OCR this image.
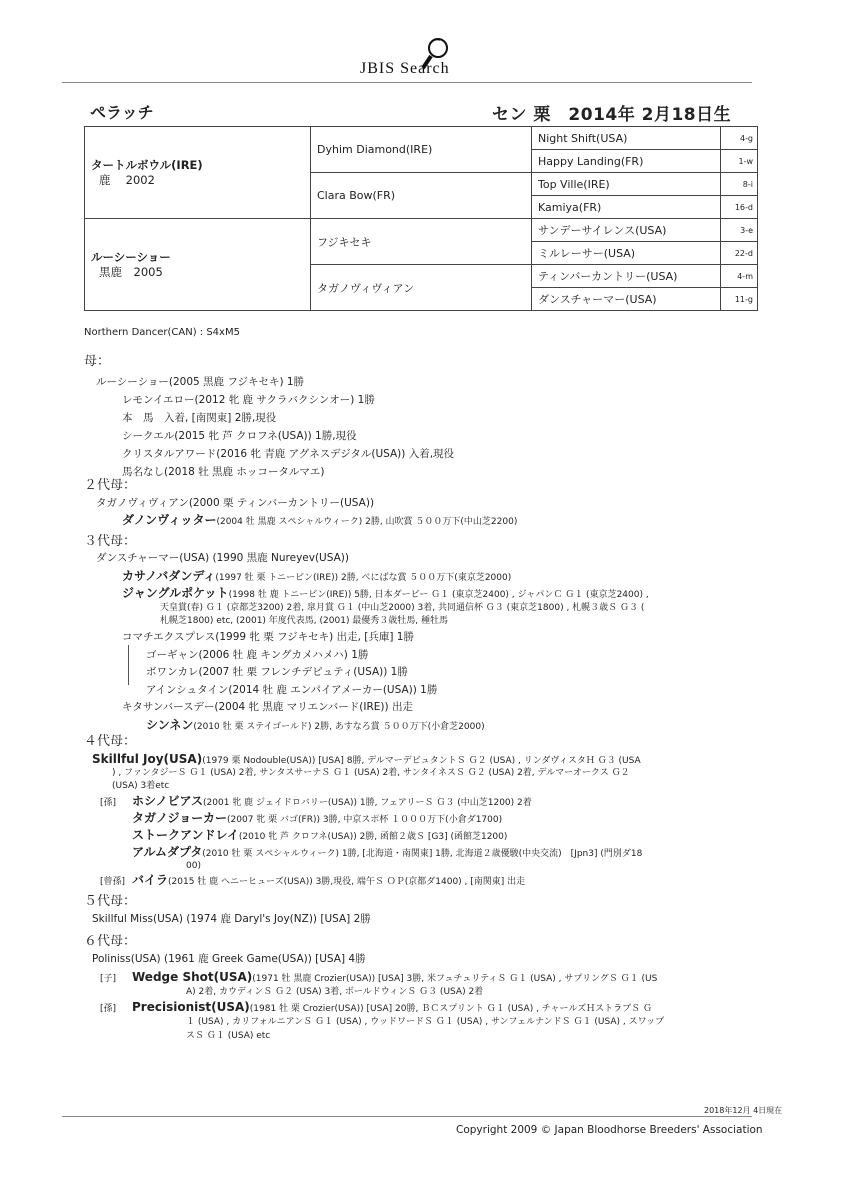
JBIS Search
ペラッチ	セン 栗　2014年 2月18日生
タートルボウル(IRE)
鹿　 2002	Dyhim Diamond(IRE)	Night Shift(USA)	4-g
		Happy Landing(FR)	1-w
	Clara Bow(FR)	Top Ville(IRE)	8-i
		Kamiya(FR)	16-d

ルーシーショー
黒鹿　2005	フジキセキ	サンデーサイレンス(USA)	3-e
		ミルレーサー(USA)	22-d
	タガノヴィヴィアン	ティンバーカントリー(USA)	4-m
		ダンスチャーマー(USA)	11-g
Northern Dancer(CAN) : S4xM5
母：
ルーシーショー(2005 黒鹿 フジキセキ) 1勝
レモンイエロー(2012 牝 鹿 サクラバクシンオー) 1勝
本　馬　入着, [南関東] 2勝,現役
シークエル(2015 牝 芦 クロフネ(USA)) 1勝,現役
クリスタルアワード(2016 牝 青鹿 アグネスデジタル(USA)) 入着,現役
馬名なし(2018 牡 黒鹿 ホッコータルマエ)
２代母：
タガノヴィヴィアン(2000 栗 ティンバーカントリー(USA))
ダノンヴィッター(2004 牡 黒鹿 スペシャルウィーク) 2勝, 山吹賞 ５００万下(中山芝2200)
３代母：
ダンスチャーマー(USA) (1990 黒鹿 Nureyev(USA))
カサノバダンディ(1997 牡 栗 トニービン(IRE)) 2勝, べにばな賞 ５００万下(東京芝2000)
ジャングルポケット(1998 牡 鹿 トニービン(IRE)) 5勝, 日本ダービー Ｇ１ (東京芝2400) , ジャパンＣ Ｇ１ (東京芝2400) ,
天皇賞(春) Ｇ１ (京都芝3200) 2着, 皐月賞 Ｇ１ (中山芝2000) 3着, 共同通信杯 Ｇ３ (東京芝1800) , 札幌３歳Ｓ Ｇ３ (
札幌芝1800) etc, (2001) 年度代表馬, (2001) 最優秀３歳牡馬, 種牡馬
コマチエクスプレス(1999 牝 栗 フジキセキ) 出走, [兵庫] 1勝
ゴーギャン(2006 牡 鹿 キングカメハメハ) 1勝
ボワンカレ(2007 牡 栗 フレンチデピュティ(USA)) 1勝
アインシュタイン(2014 牡 鹿 エンパイアメーカー(USA)) 1勝
キタサンバースデー(2004 牝 黒鹿 マリエンバード(IRE)) 出走
シンネン(2010 牡 栗 ステイゴールド) 2勝, あすなろ賞 ５００万下(小倉芝2000)
４代母：
Skillful Joy(USA)(1979 栗 Nodouble(USA)) [USA] 8勝, デルマーデビュタントＳ Ｇ２ (USA) , リンダヴィスタＨ Ｇ３ (USA
) , ファンタジーＳ Ｇ１ (USA) 2着, サンタスサーナＳ Ｇ１ (USA) 2着, サンタイネスＳ Ｇ２ (USA) 2着, デルマーオークス Ｇ２
(USA) 3着etc
[孫] ホシノビアス(2001 牝 鹿 ジェイドロバリー(USA)) 1勝, フェアリーＳ Ｇ３ (中山芝1200) 2着
タガノジョーカー(2007 牝 栗 バゴ(FR)) 3勝, 中京スポ杯 １０００万下(小倉ダ1700)
ストークアンドレイ(2010 牝 芦 クロフネ(USA)) 2勝, 函館２歳Ｓ [G3] (函館芝1200)
アルムダプタ(2010 牡 栗 スペシャルウィーク) 1勝, [北海道・南関東] 1勝, 北海道２歳優駿(中央交流)　[Jpn3] (門別ダ18
00)
[曾孫] バイラ(2015 牡 鹿 ヘニーヒューズ(USA)) 3勝,現役, 端午Ｓ ＯＰ(京都ダ1400) , [南関東] 出走
５代母：
Skillful Miss(USA) (1974 鹿 Daryl's Joy(NZ)) [USA] 2勝
６代母：
Poliniss(USA) (1961 鹿 Greek Game(USA)) [USA] 4勝
[子] Wedge Shot(USA)(1971 牡 黒鹿 Crozier(USA)) [USA] 3勝, 米フュチュリティＳ Ｇ１ (USA) , サプリングＳ Ｇ１ (US
A) 2着, カウディンＳ Ｇ２ (USA) 3着, ボールドウィンＳ Ｇ３ (USA) 2着
[孫] Precisionist(USA)(1981 牡 栗 Crozier(USA)) [USA] 20勝, ＢＣスプリント Ｇ１ (USA) , チャールズＨストラブＳ Ｇ
１ (USA) , カリフォルニアンＳ Ｇ１ (USA) , ウッドワードＳ Ｇ１ (USA) , サンフェルナンドＳ Ｇ１ (USA) , スワップ
スＳ Ｇ１ (USA) etc
2018年12月 4日現在
Copyright 2009 © Japan Bloodhorse Breeders' Association
